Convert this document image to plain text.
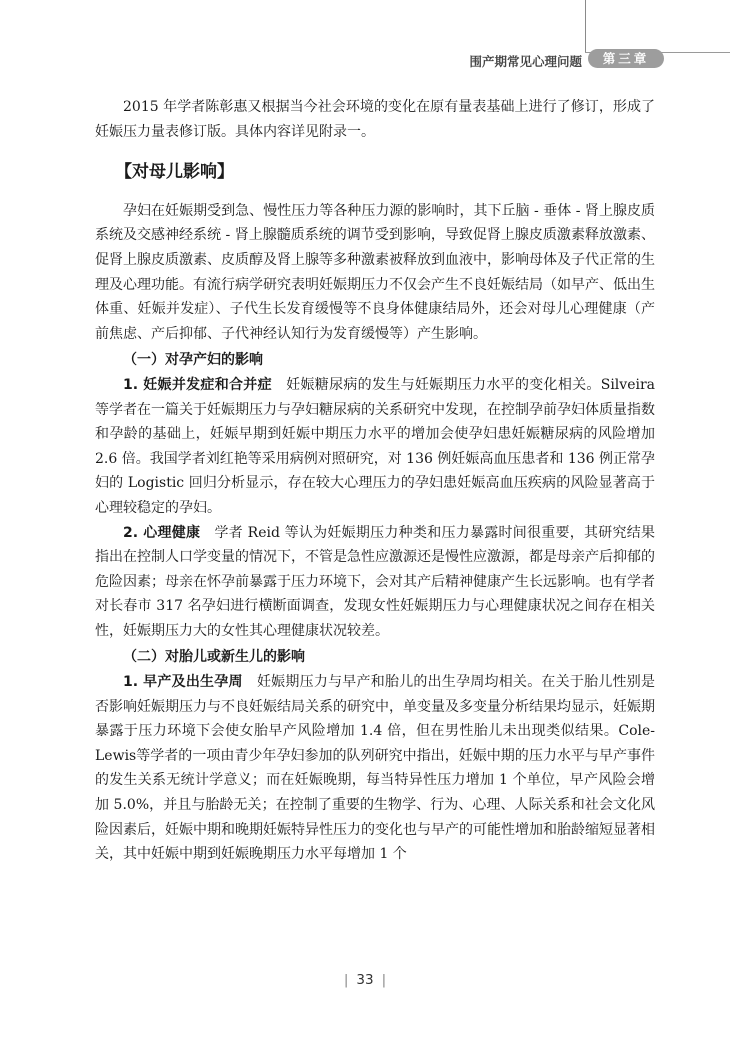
围产期常见心理问题	第三章

2015 年学者陈彰惠又根据当今社会环境的变化在原有量表基础上进行了修订，形成了妊娠压力量表修订版。具体内容详见附录一。

【对母儿影响】

孕妇在妊娠期受到急、慢性压力等各种压力源的影响时，其下丘脑 - 垂体 - 肾上腺皮质系统及交感神经系统 - 肾上腺髓质系统的调节受到影响，导致促肾上腺皮质激素释放激素、促肾上腺皮质激素、皮质醇及肾上腺等多种激素被释放到血液中，影响母体及子代正常的生理及心理功能。有流行病学研究表明妊娠期压力不仅会产生不良妊娠结局（如早产、低出生体重、妊娠并发症）、子代生长发育缓慢等不良身体健康结局外，还会对母儿心理健康（产前焦虑、产后抑郁、子代神经认知行为发育缓慢等）产生影响。

（一）对孕产妇的影响

1. 妊娠并发症和合并症　妊娠糖尿病的发生与妊娠期压力水平的变化相关。Silveira 等学者在一篇关于妊娠期压力与孕妇糖尿病的关系研究中发现，在控制孕前孕妇体质量指数和孕龄的基础上，妊娠早期到妊娠中期压力水平的增加会使孕妇患妊娠糖尿病的风险增加 2.6 倍。我国学者刘红艳等采用病例对照研究，对 136 例妊娠高血压患者和 136 例正常孕妇的 Logistic 回归分析显示，存在较大心理压力的孕妇患妊娠高血压疾病的风险显著高于心理较稳定的孕妇。

2. 心理健康　学者 Reid 等认为妊娠期压力种类和压力暴露时间很重要，其研究结果指出在控制人口学变量的情况下，不管是急性应激源还是慢性应激源，都是母亲产后抑郁的危险因素；母亲在怀孕前暴露于压力环境下，会对其产后精神健康产生长远影响。也有学者对长春市 317 名孕妇进行横断面调查，发现女性妊娠期压力与心理健康状况之间存在相关性，妊娠期压力大的女性其心理健康状况较差。

（二）对胎儿或新生儿的影响

1. 早产及出生孕周　妊娠期压力与早产和胎儿的出生孕周均相关。在关于胎儿性别是否影响妊娠期压力与不良妊娠结局关系的研究中，单变量及多变量分析结果均显示，妊娠期暴露于压力环境下会使女胎早产风险增加 1.4 倍，但在男性胎儿未出现类似结果。Cole-Lewis等学者的一项由青少年孕妇参加的队列研究中指出，妊娠中期的压力水平与早产事件的发生关系无统计学意义；而在妊娠晚期，每当特异性压力增加 1 个单位，早产风险会增加 5.0%，并且与胎龄无关；在控制了重要的生物学、行为、心理、人际关系和社会文化风险因素后，妊娠中期和晚期妊娠特异性压力的变化也与早产的可能性增加和胎龄缩短显著相关，其中妊娠中期到妊娠晚期压力水平每增加 1 个

| 33 |
